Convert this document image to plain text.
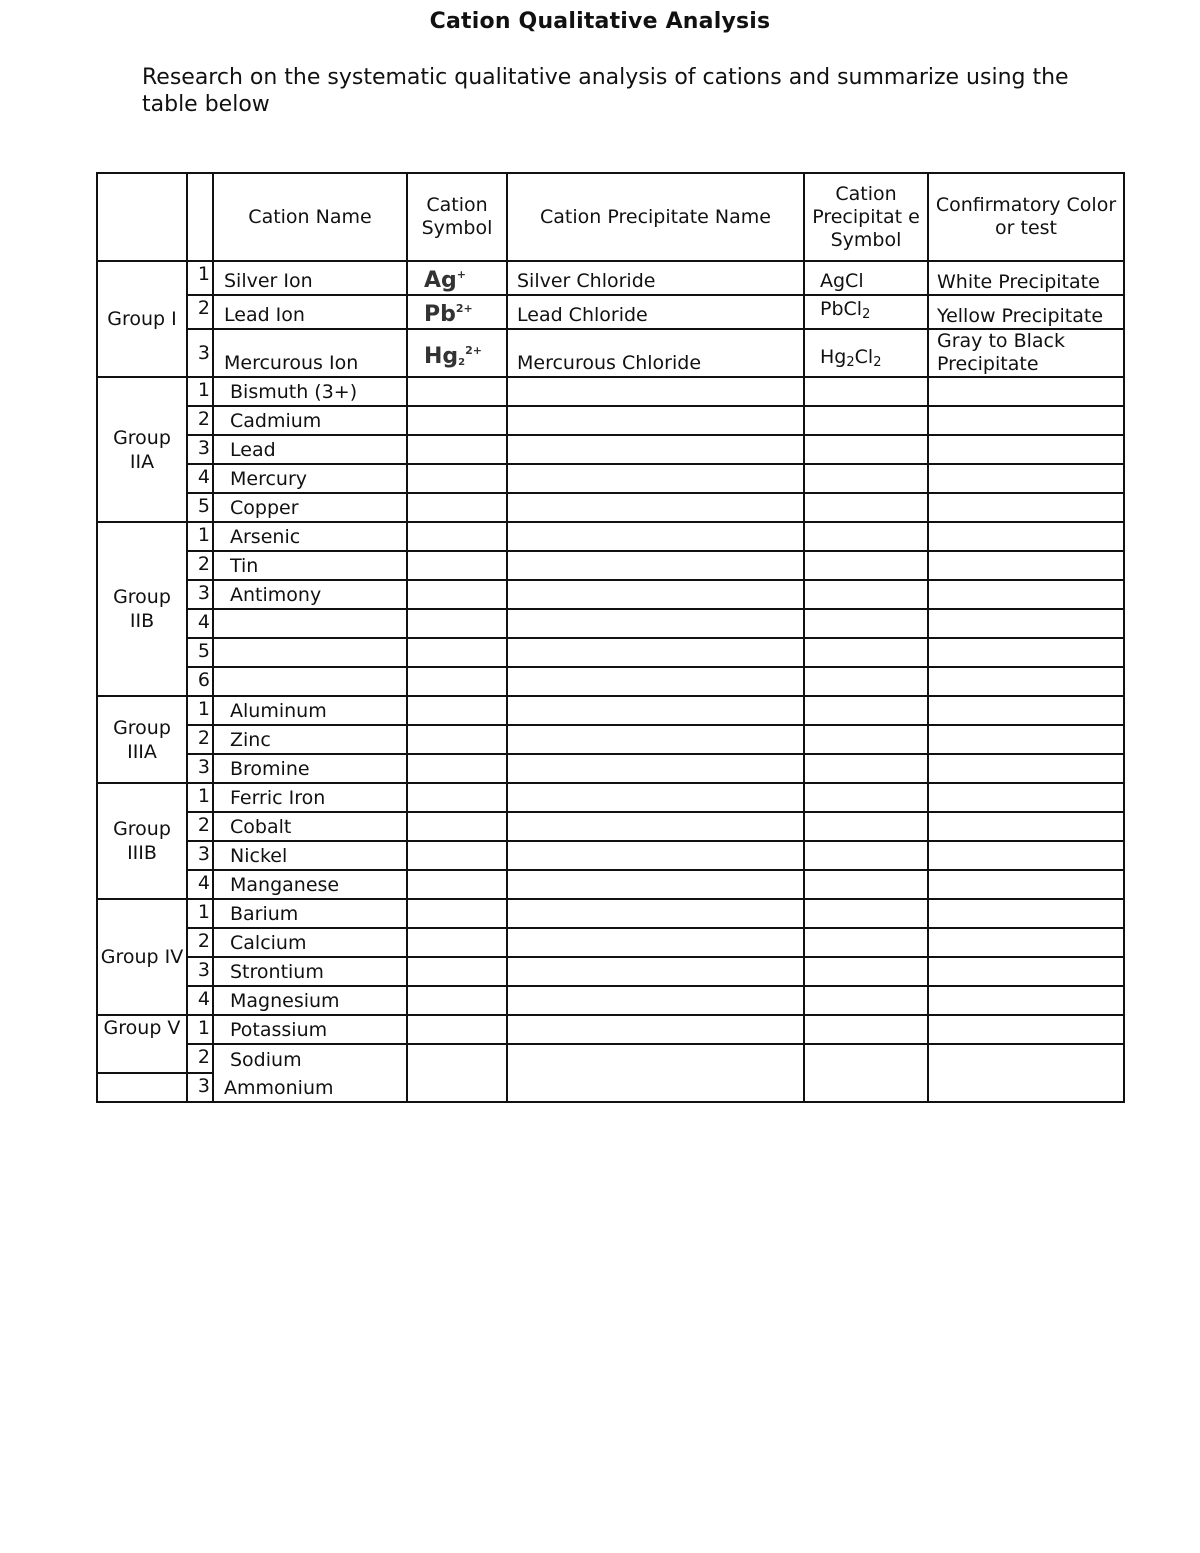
Cation Qualitative Analysis
Research on the systematic qualitative analysis of cations and summarize using the table below
		Cation Name	Cation Symbol	Cation Precipitate Name	Cation Precipitat e Symbol	Confirmatory Color or test
Group I	1	Silver Ion	Ag+	Silver Chloride	AgCl	White Precipitate
	2	Lead Ion	$Pb^{2+}$	Lead Chloride	PbCl$_2$	Yellow Precipitate
	3	Mercurous Ion	$Hg_2^{2+}$	Mercurous Chloride	$Hg_2Cl_2$	Gray to Black Precipitate
Group IIA	1	Bismuth (3+)				
	2	Cadmium				
	3	Lead				
	4	Mercury				
	5	Copper				
Group IIB	1	Arsenic				
	2	Tin				
	3	Antimony				
	4					
	5					
	6					
Group IIIA	1	Aluminum				
	2	Zinc				
	3	Bromine				
Group IIIB	1	Ferric Iron				
	2	Cobalt				
	3	Nickel				
	4	Manganese				
Group IV	1	Barium				
	2	Calcium				
	3	Strontium				
	4	Magnesium				
Group V	1	Potassium				
	2	Sodium				
	3	Ammonium				
